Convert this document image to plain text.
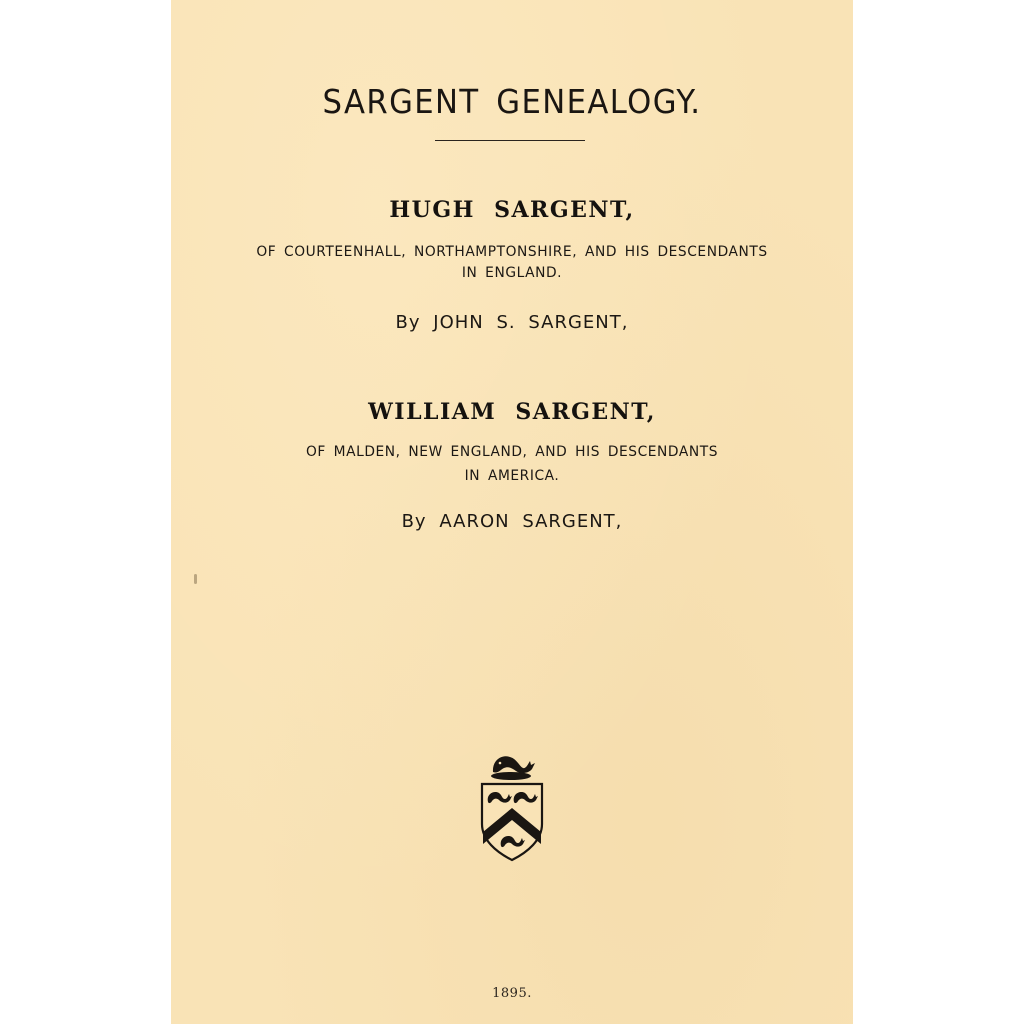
SARGENT GENEALOGY.
HUGH SARGENT,
OF COURTEENHALL, NORTHAMPTONSHIRE, AND HIS DESCENDANTS
IN ENGLAND.
By JOHN S. SARGENT,
WILLIAM SARGENT,
OF MALDEN, NEW ENGLAND, AND HIS DESCENDANTS
IN AMERICA.
By AARON SARGENT,
1895.
